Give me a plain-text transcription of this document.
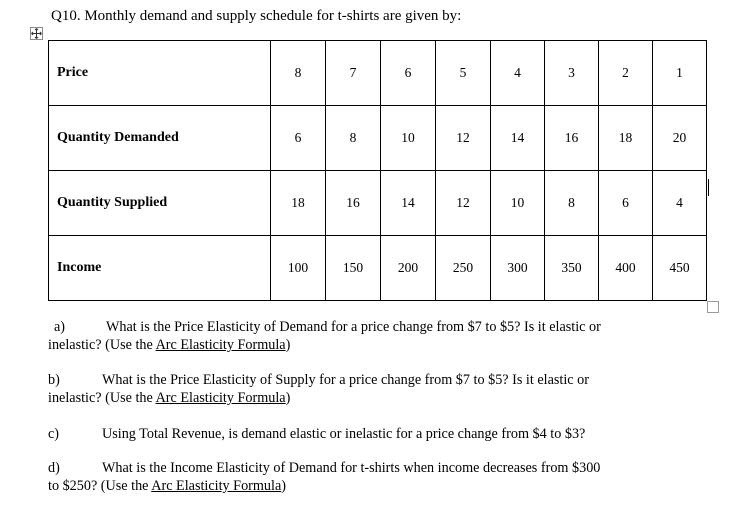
Q10. Monthly demand and supply schedule for t-shirts are given by:
Price	8	7	6	5	4	3	2	1
Quantity Demanded	6	8	10	12	14	16	18	20
Quantity Supplied	18	16	14	12	10	8	6	4
Income	100	150	200	250	300	350	400	450
a)	What is the Price Elasticity of Demand for a price change from $7 to $5? Is it elastic or
inelastic? (Use the Arc Elasticity Formula)
b)	What is the Price Elasticity of Supply for a price change from $7 to $5? Is it elastic or
inelastic? (Use the Arc Elasticity Formula)
c)	Using Total Revenue, is demand elastic or inelastic for a price change from $4 to $3?
d)	What is the Income Elasticity of Demand for t-shirts when income decreases from $300
to $250? (Use the Arc Elasticity Formula)
